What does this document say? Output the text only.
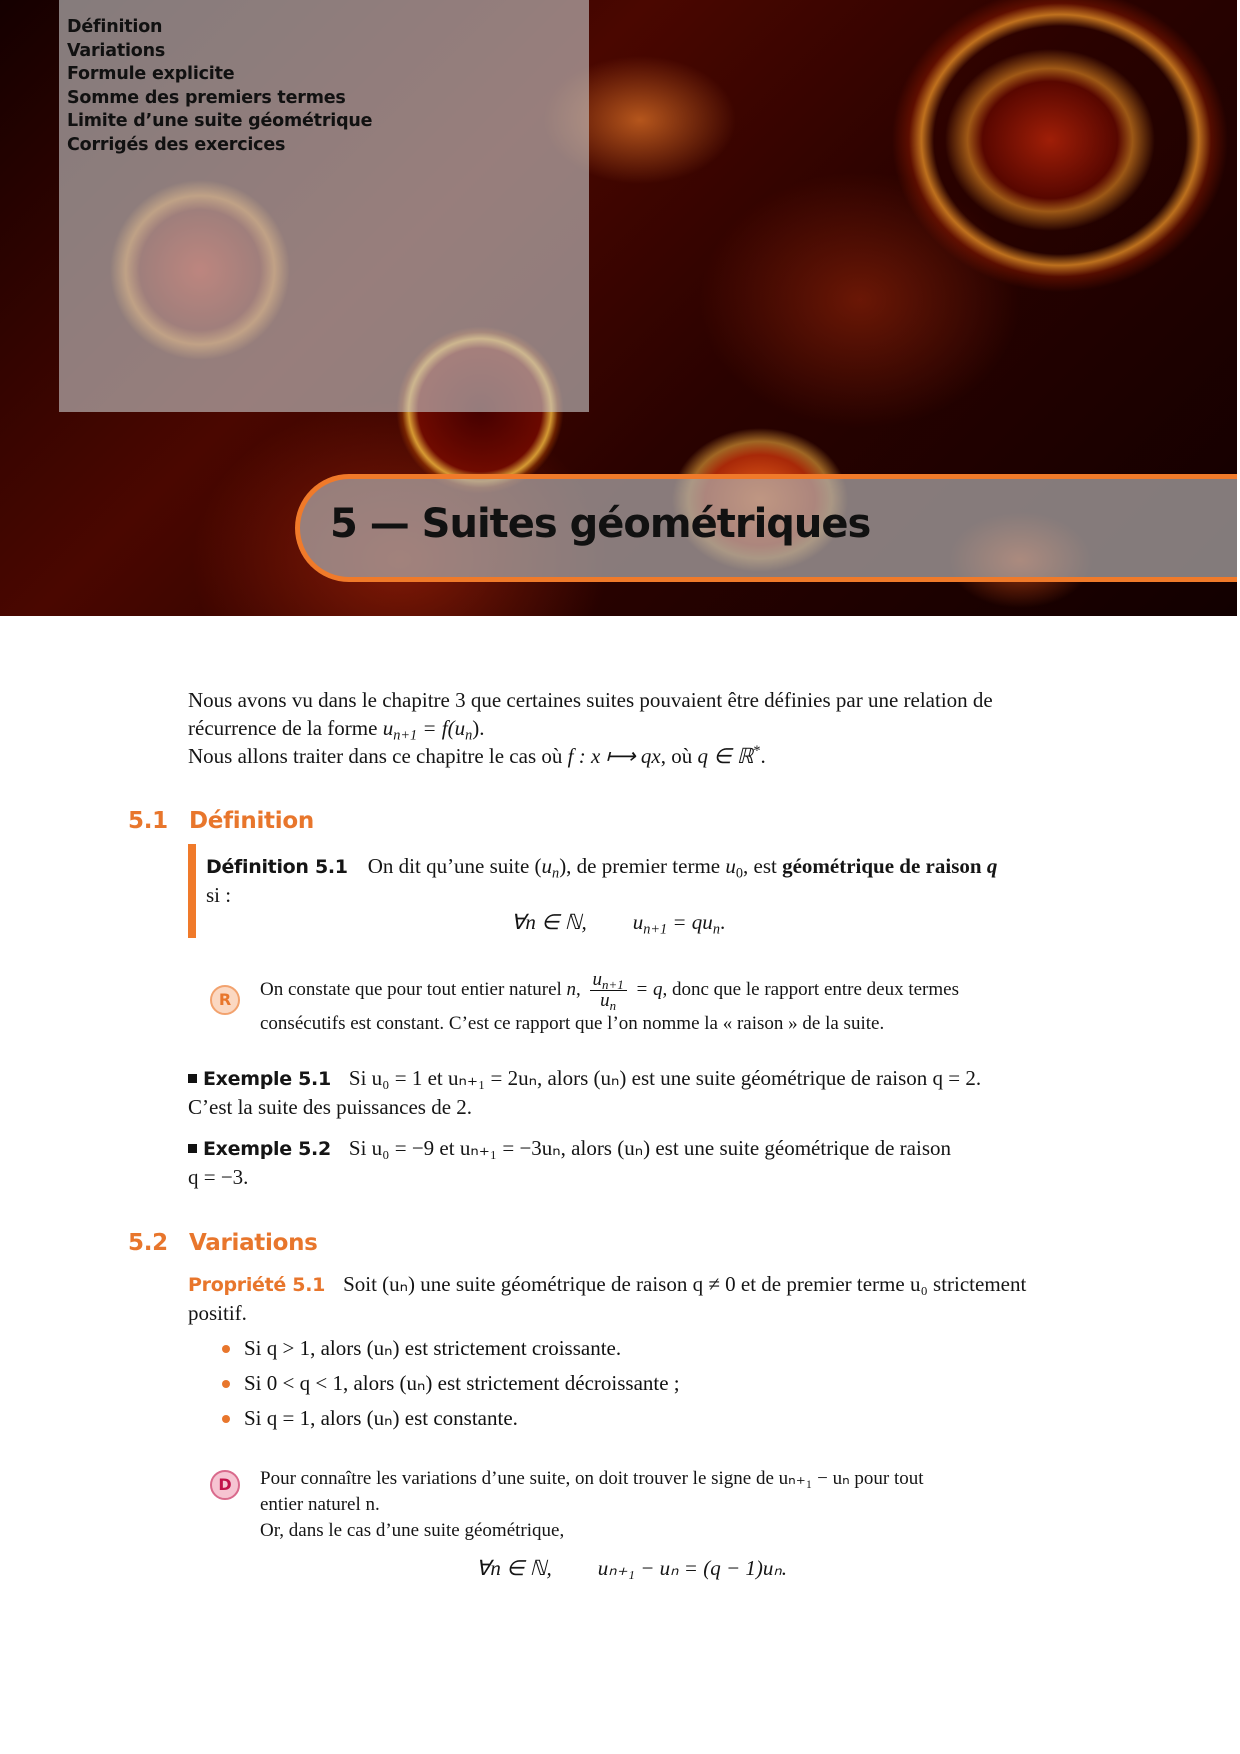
Définition
Variations
Formule explicite
Somme des premiers termes
Limite d’une suite géométrique
Corrigés des exercices
5 — Suites géométriques
Nous avons vu dans le chapitre 3 que certaines suites pouvaient être définies par une relation de
récurrence de la forme $u_{n+1} = f(u_n)$.
Nous allons traiter dans ce chapitre le cas où f : x ⟼ qx, où q ∈ ℝ*.
5.1 Définition
Définition 5.1 On dit qu’une suite $(u_n)$, de premier terme $u_0$, est géométrique de raison q
si :
∀n ∈ ℕ, $u_{n+1} = qu_n$.
R	On constate que pour tout entier naturel n, $\frac{u_{n+1}}{u_n} = q$, donc que le rapport entre deux termes
consécutifs est constant. C’est ce rapport que l’on nomme la « raison » de la suite.
Exemple 5.1 Si u₀ = 1 et uₙ₊₁ = 2uₙ, alors (uₙ) est une suite géométrique de raison q = 2.
C’est la suite des puissances de 2.
Exemple 5.2 Si u₀ = −9 et uₙ₊₁ = −3uₙ, alors (uₙ) est une suite géométrique de raison
q = −3.
5.2 Variations
Propriété 5.1 Soit (uₙ) une suite géométrique de raison q ≠ 0 et de premier terme u₀ strictement
positif.
Si q > 1, alors (uₙ) est strictement croissante.
Si 0 < q < 1, alors (uₙ) est strictement décroissante ;
Si q = 1, alors (uₙ) est constante.
D	Pour connaître les variations d’une suite, on doit trouver le signe de uₙ₊₁ − uₙ pour tout
entier naturel n.
Or, dans le cas d’une suite géométrique,
∀n ∈ ℕ, uₙ₊₁ − uₙ = (q − 1)uₙ.
